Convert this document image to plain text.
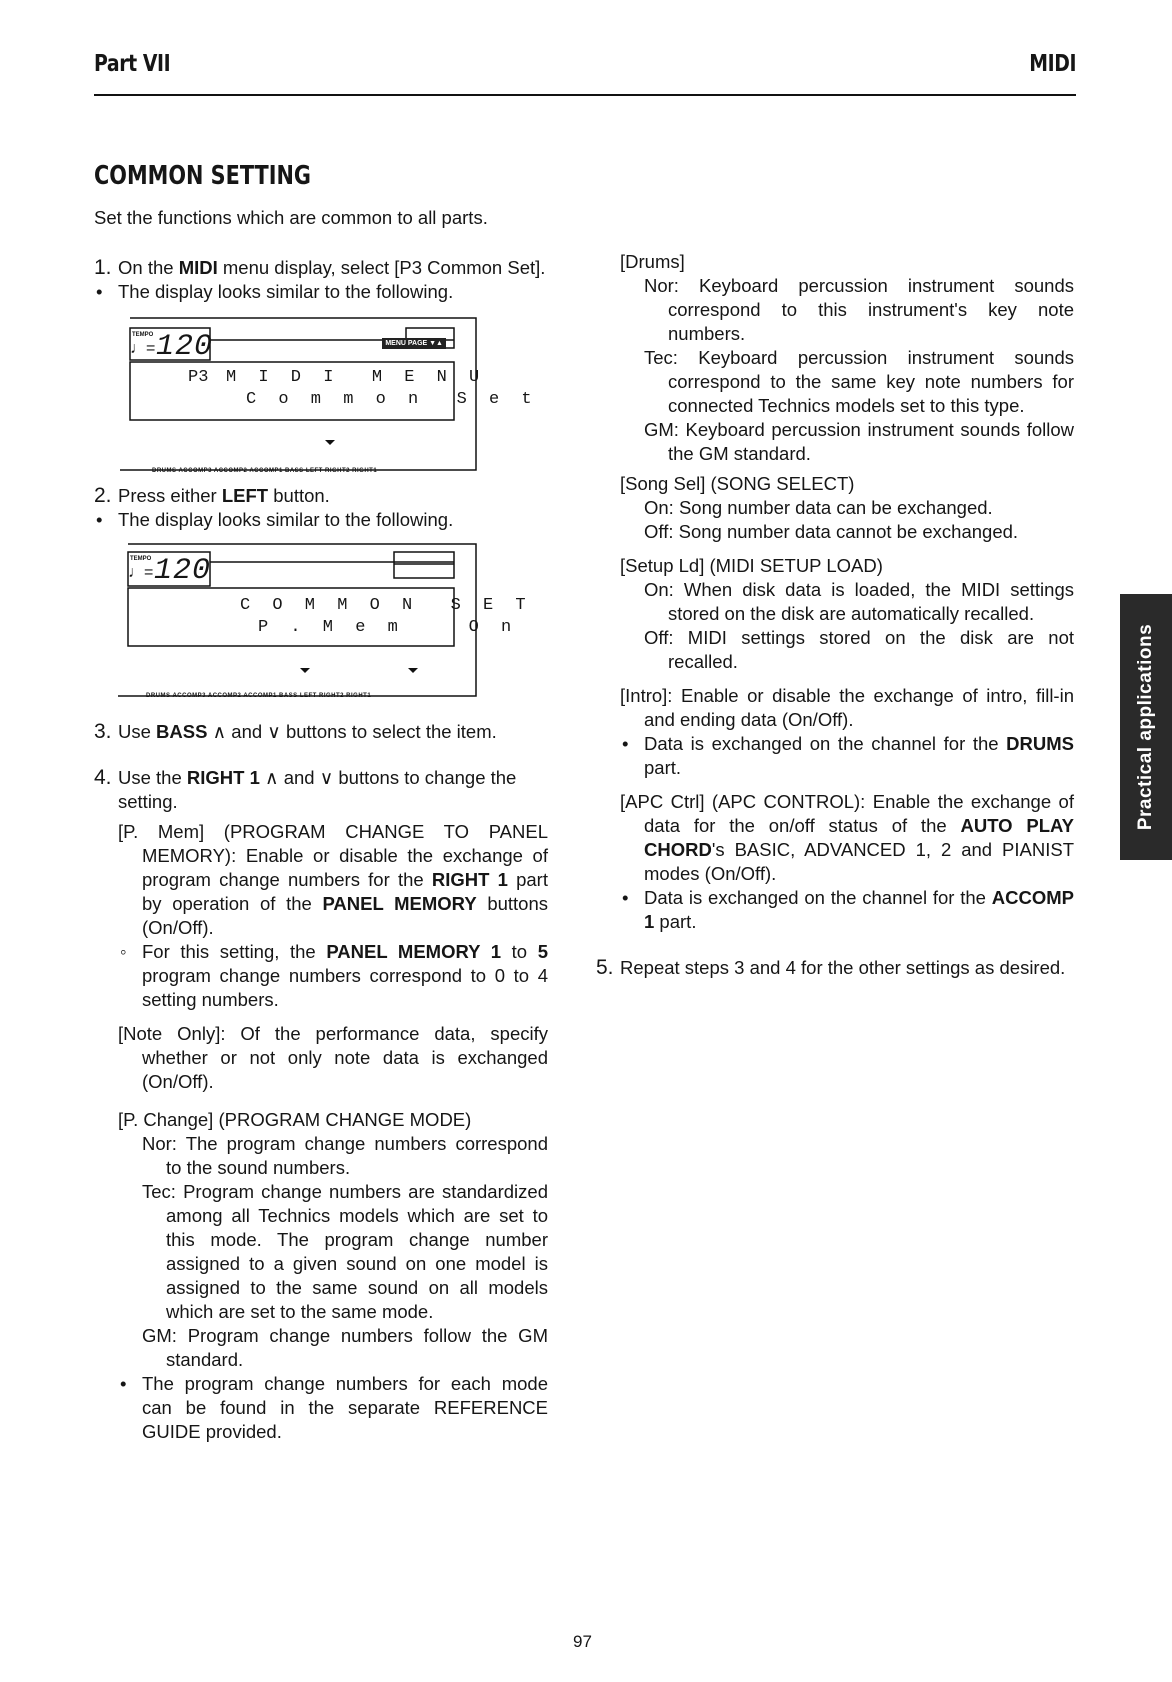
Part VII	MIDI
COMMON SETTING
Set the functions which are common to all parts.
1. On the MIDI menu display, select [P3 Common Set].
• The display looks similar to the following.
TEMPO
♩= 120	MENU PAGE ▼▲
P3 M I D I  M E N U
C o m m o n  S e t
DRUMS ACCOMP3 ACCOMP2 ACCOMP1 BASS LEFT RIGHT2 RIGHT1
2. Press either LEFT button.
• The display looks similar to the following.
TEMPO
♩= 120
C O M M O N  S E T
P . M e m    O n
DRUMS ACCOMP3 ACCOMP2 ACCOMP1 BASS LEFT RIGHT2 RIGHT1
3. Use BASS ∧ and ∨ buttons to select the item.
4. Use the RIGHT 1 ∧ and ∨ buttons to change the setting.
[P. Mem] (PROGRAM CHANGE TO PANEL MEMORY): Enable or disable the exchange of program change numbers for the RIGHT 1 part by operation of the PANEL MEMORY buttons (On/Off).
◦ For this setting, the PANEL MEMORY 1 to 5 program change numbers correspond to 0 to 4 setting numbers.
[Note Only]: Of the performance data, specify whether or not only note data is exchanged (On/Off).
[P. Change] (PROGRAM CHANGE MODE)
Nor: The program change numbers correspond to the sound numbers.
Tec: Program change numbers are standardized among all Technics models which are set to this mode. The program change number assigned to a given sound on one model is assigned to the same sound on all models which are set to the same mode.
GM: Program change numbers follow the GM standard.
• The program change numbers for each mode can be found in the separate REFERENCE GUIDE provided.
[Drums]
Nor: Keyboard percussion instrument sounds correspond to this instrument's key note numbers.
Tec: Keyboard percussion instrument sounds correspond to the same key note numbers for connected Technics models set to this type.
GM: Keyboard percussion instrument sounds follow the GM standard.
[Song Sel] (SONG SELECT)
On: Song number data can be exchanged.
Off: Song number data cannot be exchanged.
[Setup Ld] (MIDI SETUP LOAD)
On: When disk data is loaded, the MIDI settings stored on the disk are automatically recalled.
Off: MIDI settings stored on the disk are not recalled.
[Intro]: Enable or disable the exchange of intro, fill-in and ending data (On/Off).
• Data is exchanged on the channel for the DRUMS part.
[APC Ctrl] (APC CONTROL): Enable the exchange of data for the on/off status of the AUTO PLAY CHORD's BASIC, ADVANCED 1, 2 and PIANIST modes (On/Off).
• Data is exchanged on the channel for the ACCOMP 1 part.
5. Repeat steps 3 and 4 for the other settings as desired.
Practical applications
97
